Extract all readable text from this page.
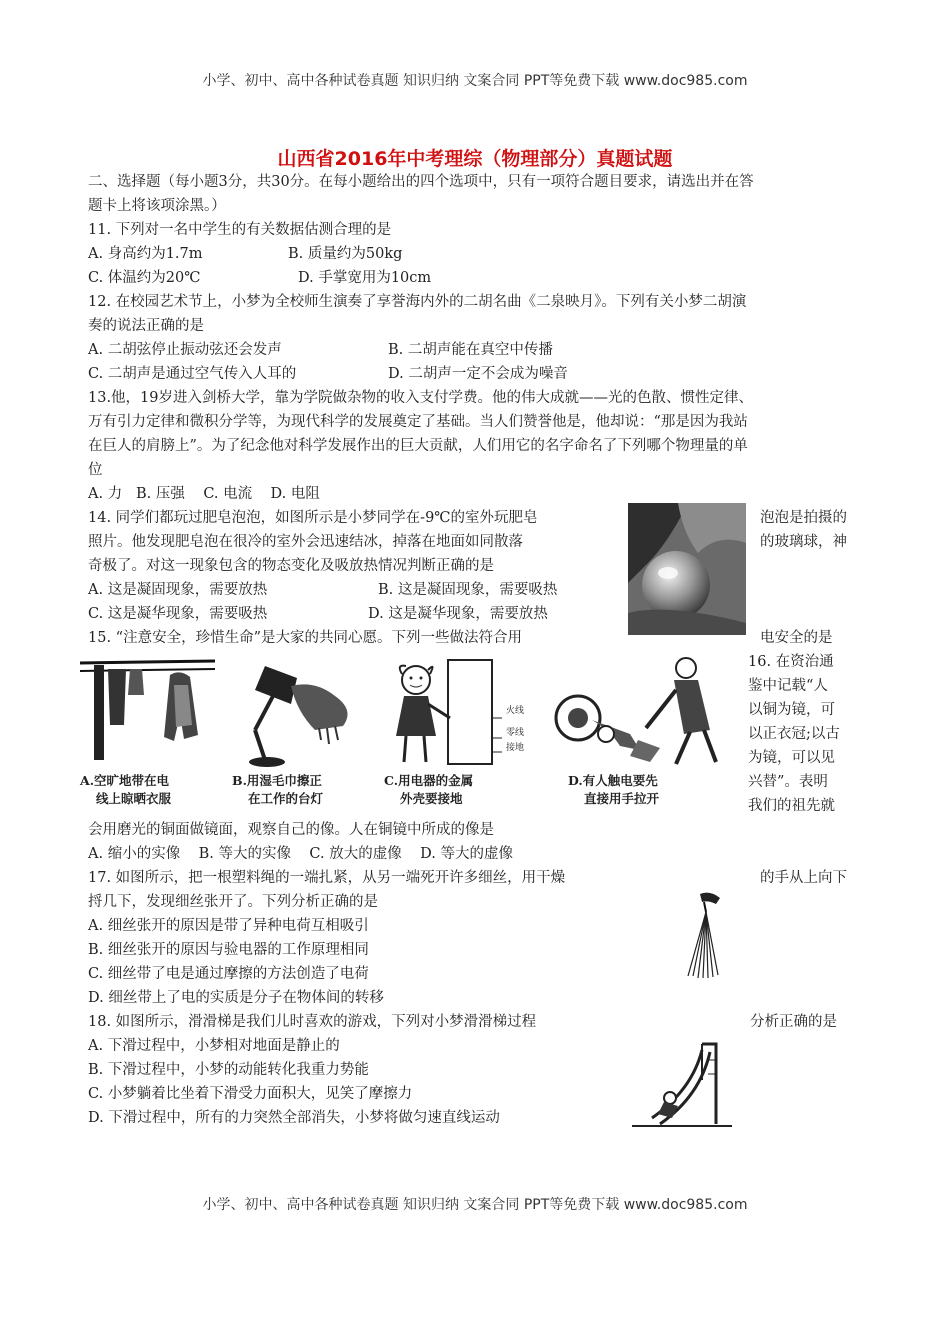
小学、初中、高中各种试卷真题 知识归纳 文案合同 PPT等免费下载 www.doc985.com
山西省2016年中考理综（物理部分）真题试题
二、选择题（每小题3分，共30分。在每小题给出的四个选项中，只有一项符合题目要求，请选出并在答
题卡上将该项涂黑。）
11. 下列对一名中学生的有关数据估测合理的是
A. 身高约为1.7m	B. 质量约为50kg
C. 体温约为20℃	D. 手掌宽用为10cm
12. 在校园艺术节上，小梦为全校师生演奏了享誉海内外的二胡名曲《二泉映月》。下列有关小梦二胡演
奏的说法正确的是
A. 二胡弦停止振动弦还会发声	B. 二胡声能在真空中传播
C. 二胡声是通过空气传入人耳的	D. 二胡声一定不会成为噪音
13.他，19岁进入剑桥大学，靠为学院做杂物的收入支付学费。他的伟大成就——光的色散、惯性定律、
万有引力定律和微积分学等，为现代科学的发展奠定了基础。当人们赞誉他是，他却说：“那是因为我站
在巨人的肩膀上”。为了纪念他对科学发展作出的巨大贡献，人们用它的名字命名了下列哪个物理量的单
位
A. 力   B. 压强    C. 电流    D. 电阻
14. 同学们都玩过肥皂泡泡，如图所示是小梦同学在-9℃的室外玩肥皂	泡泡是拍摄的
照片。他发现肥皂泡在很冷的室外会迅速结冰，掉落在地面如同散落	的玻璃球，神
奇极了。对这一现象包含的物态变化及吸放热情况判断正确的是
A. 这是凝固现象，需要放热	B. 这是凝固现象，需要吸热
C. 这是凝华现象，需要吸热	D. 这是凝华现象，需要放热
15. “注意安全，珍惜生命”是大家的共同心愿。下列一些做法符合用	电安全的是
A.空旷地带在电
线上晾晒衣服
B.用湿毛巾擦正
在工作的台灯
火线
零线
接地
C.用电器的金属
外壳要接地
D.有人触电要先
直接用手拉开
16. 在资治通
鉴中记载“人
以铜为镜，可
以正衣冠;以古
为镜，可以见
兴替”。表明
我们的祖先就
会用磨光的铜面做镜面，观察自己的像。人在铜镜中所成的像是
A. 缩小的实像    B. 等大的实像    C. 放大的虚像    D. 等大的虚像
17. 如图所示，把一根塑料绳的一端扎紧，从另一端死开许多细丝，用干燥	的手从上向下
捋几下，发现细丝张开了。下列分析正确的是
A. 细丝张开的原因是带了异种电荷互相吸引
B. 细丝张开的原因与验电器的工作原理相同
C. 细丝带了电是通过摩擦的方法创造了电荷
D. 细丝带上了电的实质是分子在物体间的转移
18. 如图所示，滑滑梯是我们儿时喜欢的游戏，下列对小梦滑滑梯过程	分析正确的是
A. 下滑过程中，小梦相对地面是静止的
B. 下滑过程中，小梦的动能转化我重力势能
C. 小梦躺着比坐着下滑受力面积大，见笑了摩擦力
D. 下滑过程中，所有的力突然全部消失，小梦将做匀速直线运动
小学、初中、高中各种试卷真题 知识归纳 文案合同 PPT等免费下载 www.doc985.com
